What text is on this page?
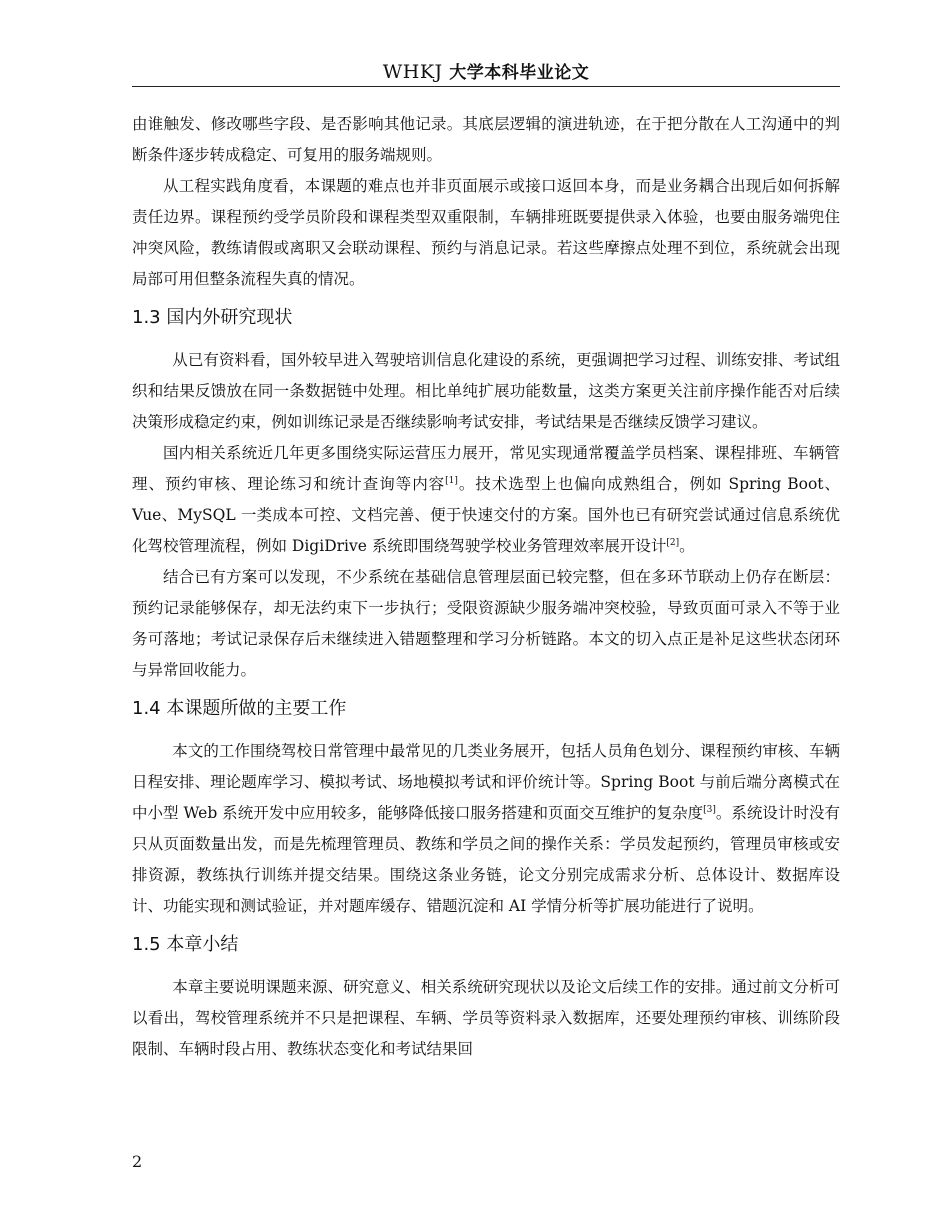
WHKJ 大学本科毕业论文

由谁触发、修改哪些字段、是否影响其他记录。其底层逻辑的演进轨迹，在于把分散在人工沟通中的判断条件逐步转成稳定、可复用的服务端规则。

从工程实践角度看，本课题的难点也并非页面展示或接口返回本身，而是业务耦合出现后如何拆解责任边界。课程预约受学员阶段和课程类型双重限制，车辆排班既要提供录入体验，也要由服务端兜住冲突风险，教练请假或离职又会联动课程、预约与消息记录。若这些摩擦点处理不到位，系统就会出现局部可用但整条流程失真的情况。

1.3 国内外研究现状

从已有资料看，国外较早进入驾驶培训信息化建设的系统，更强调把学习过程、训练安排、考试组织和结果反馈放在同一条数据链中处理。相比单纯扩展功能数量，这类方案更关注前序操作能否对后续决策形成稳定约束，例如训练记录是否继续影响考试安排，考试结果是否继续反馈学习建议。

国内相关系统近几年更多围绕实际运营压力展开，常见实现通常覆盖学员档案、课程排班、车辆管理、预约审核、理论练习和统计查询等内容[1]。技术选型上也偏向成熟组合，例如 Spring Boot、Vue、MySQL 一类成本可控、文档完善、便于快速交付的方案。国外也已有研究尝试通过信息系统优化驾校管理流程，例如 DigiDrive 系统即围绕驾驶学校业务管理效率展开设计[2]。

结合已有方案可以发现，不少系统在基础信息管理层面已较完整，但在多环节联动上仍存在断层：预约记录能够保存，却无法约束下一步执行；受限资源缺少服务端冲突校验，导致页面可录入不等于业务可落地；考试记录保存后未继续进入错题整理和学习分析链路。本文的切入点正是补足这些状态闭环与异常回收能力。

1.4 本课题所做的主要工作

本文的工作围绕驾校日常管理中最常见的几类业务展开，包括人员角色划分、课程预约审核、车辆日程安排、理论题库学习、模拟考试、场地模拟考试和评价统计等。Spring Boot 与前后端分离模式在中小型 Web 系统开发中应用较多，能够降低接口服务搭建和页面交互维护的复杂度[3]。系统设计时没有只从页面数量出发，而是先梳理管理员、教练和学员之间的操作关系：学员发起预约，管理员审核或安排资源，教练执行训练并提交结果。围绕这条业务链，论文分别完成需求分析、总体设计、数据库设计、功能实现和测试验证，并对题库缓存、错题沉淀和 AI 学情分析等扩展功能进行了说明。

1.5 本章小结

本章主要说明课题来源、研究意义、相关系统研究现状以及论文后续工作的安排。通过前文分析可以看出，驾校管理系统并不只是把课程、车辆、学员等资料录入数据库，还要处理预约审核、训练阶段限制、车辆时段占用、教练状态变化和考试结果回

2
